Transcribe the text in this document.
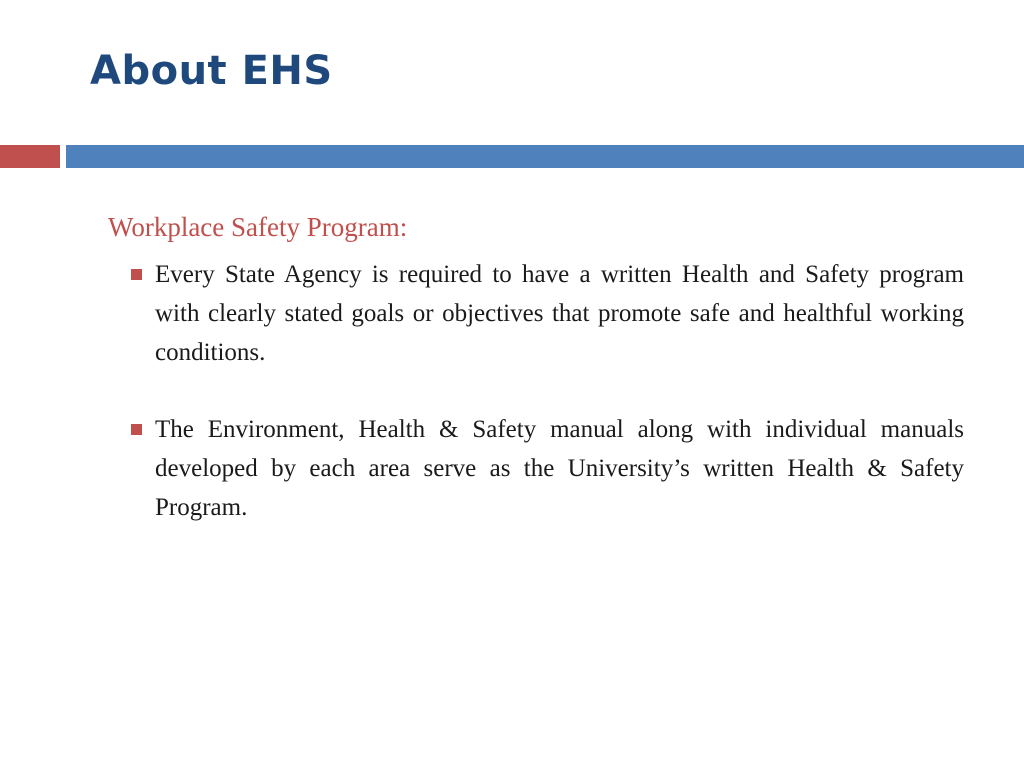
About EHS
Workplace Safety Program:
Every State Agency is required to have a written Health and Safety program with clearly stated goals or objectives that promote safe and healthful working conditions.
The Environment, Health & Safety manual along with individual manuals developed by each area serve as the University’s written Health & Safety Program.
